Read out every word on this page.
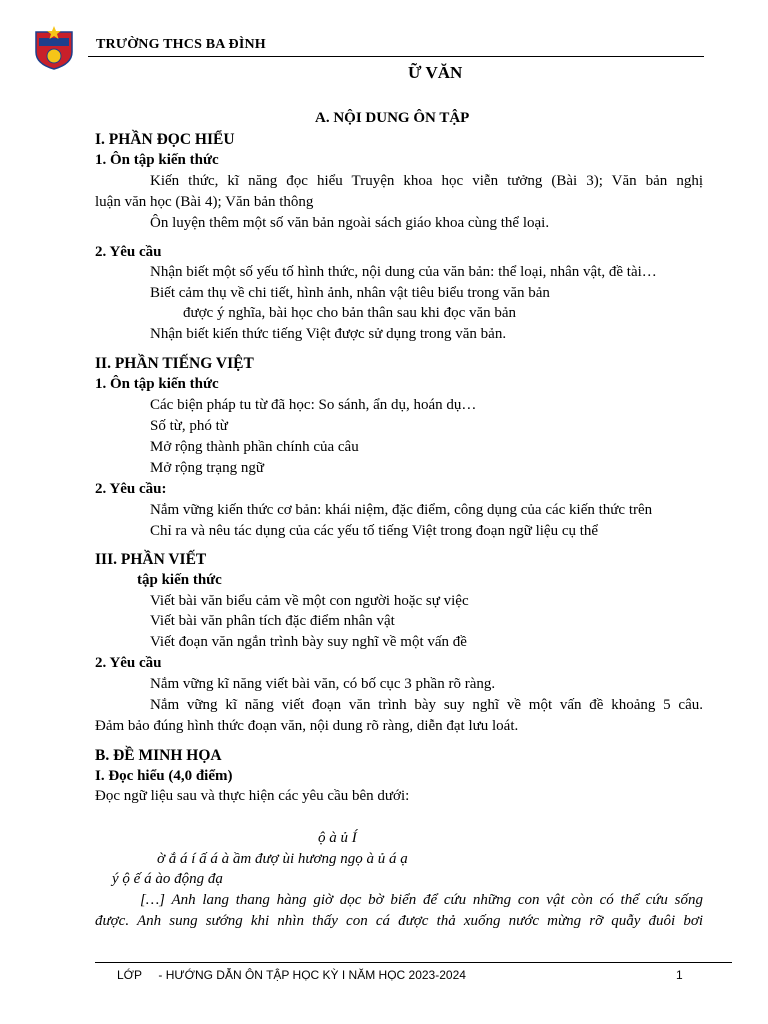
TRƯỜNG THCS BA ĐÌNH
Ữ VĂN
A. NỘI DUNG ÔN TẬP
I. PHẦN ĐỌC HIỂU
1. Ôn tập kiến thức
Kiến thức, kĩ năng đọc hiểu Truyện khoa học viễn tưởng (Bài 3); Văn bản nghị
luận văn học (Bài 4); Văn bản thông
Ôn luyện thêm một số văn bản ngoài sách giáo khoa cùng thể loại.
2. Yêu cầu
Nhận biết một số yếu tố hình thức, nội dung của văn bản: thể loại, nhân vật, đề tài…
Biết cảm thụ về chi tiết, hình ảnh, nhân vật tiêu biểu trong văn bản
được ý nghĩa, bài học cho bản thân sau khi đọc văn bản
Nhận biết kiến thức tiếng Việt được sử dụng trong văn bản.
II. PHẦN TIẾNG VIỆT
1. Ôn tập kiến thức
Các biện pháp tu từ đã học: So sánh, ẩn dụ, hoán dụ…
Số từ, phó từ
Mở rộng thành phần chính của câu
Mở rộng trạng ngữ
2. Yêu cầu:
Nắm vững kiến thức cơ bản: khái niệm, đặc điểm, công dụng của các kiến thức trên
Chỉ ra và nêu tác dụng của các yếu tố tiếng Việt trong đoạn ngữ liệu cụ thể
III. PHẦN VIẾT
tập kiến thức
Viết bài văn biểu cảm về một con người hoặc sự việc
Viết bài văn phân tích đặc điểm nhân vật
Viết đoạn văn ngắn trình bày suy nghĩ về một vấn đề
2. Yêu cầu
Nắm vững kĩ năng viết bài văn, có bố cục 3 phần rõ ràng.
Nắm vững kĩ năng viết đoạn văn trình bày suy nghĩ về một vấn đề khoảng 5 câu.
Đảm bảo đúng hình thức đoạn văn, nội dung rõ ràng, diễn đạt lưu loát.
B. ĐỀ MINH HỌA
I. Đọc hiểu (4,0 điểm)
Đọc ngữ liệu sau và thực hiện các yêu cầu bên dưới:
ộ à ủ Í
ờ ắ á í ấ á à ầm đượ ùi hương ngọ à ủ á ạ
ý ộ ế á ào động đạ
[…] Anh lang thang hàng giờ dọc bờ biển để cứu những con vật còn có thể cứu sống
được. Anh sung sướng khi nhìn thấy con cá được thả xuống nước mừng rỡ quẫy đuôi bơi
LỚP     - HƯỚNG DẪN ÔN TẬP HỌC KỲ I NĂM HỌC 2023-2024	1
